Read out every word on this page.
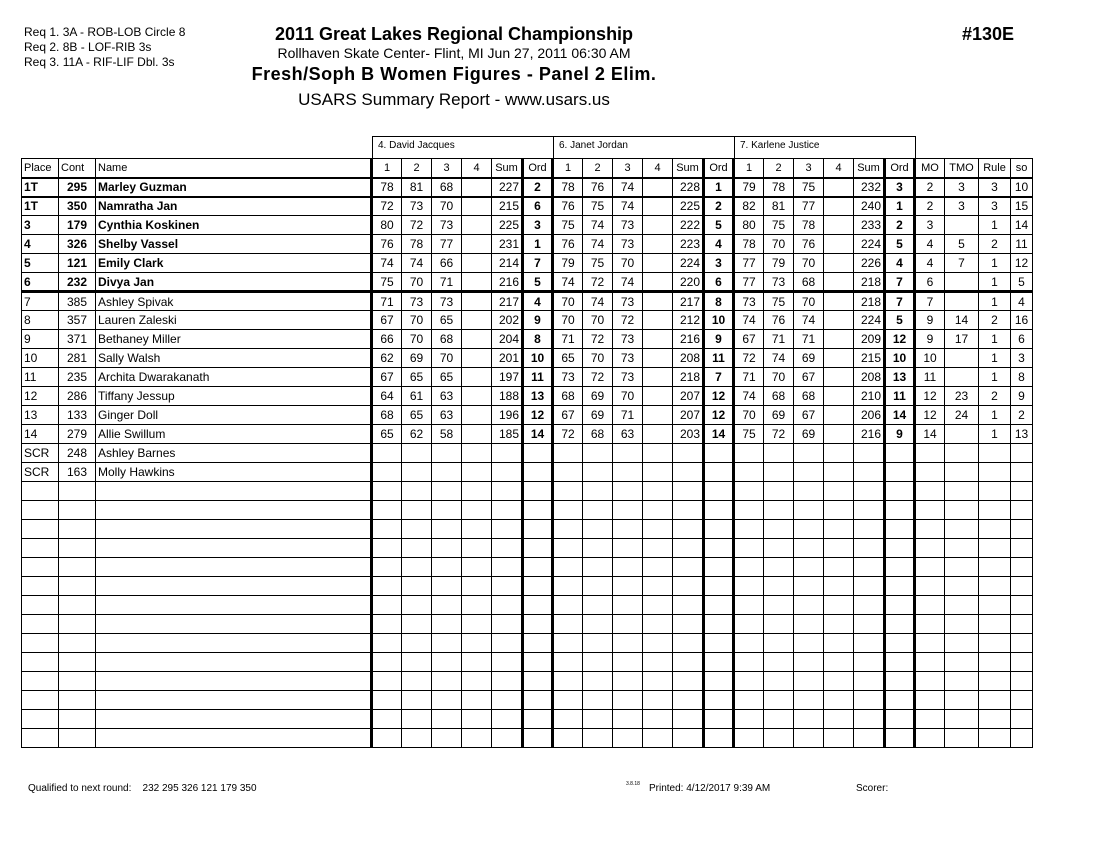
Req 1. 3A - ROB-LOB Circle 8
Req 2. 8B - LOF-RIB 3s
Req 3. 11A - RIF-LIF Dbl. 3s
2011 Great Lakes Regional Championship
Rollhaven Skate Center- Flint, MI Jun 27, 2011 06:30 AM
Fresh/Soph B Women Figures - Panel 2 Elim.
USARS Summary Report - www.usars.us
#130E
4. David Jacques	6. Janet Jordan	7. Karlene Justice
Place	Cont	Name	1	2	3	4	Sum	Ord	1	2	3	4	Sum	Ord	1	2	3	4	Sum	Ord	MO	TMO	Rule	so
1T	295	Marley Guzman	78	81	68		227	2	78	76	74		228	1	79	78	75		232	3	2	3	3	10
1T	350	Namratha Jan	72	73	70		215	6	76	75	74		225	2	82	81	77		240	1	2	3	3	15
3	179	Cynthia Koskinen	80	72	73		225	3	75	74	73		222	5	80	75	78		233	2	3		1	14
4	326	Shelby Vassel	76	78	77		231	1	76	74	73		223	4	78	70	76		224	5	4	5	2	11
5	121	Emily Clark	74	74	66		214	7	79	75	70		224	3	77	79	70		226	4	4	7	1	12
6	232	Divya Jan	75	70	71		216	5	74	72	74		220	6	77	73	68		218	7	6		1	5
7	385	Ashley Spivak	71	73	73		217	4	70	74	73		217	8	73	75	70		218	7	7		1	4
8	357	Lauren Zaleski	67	70	65		202	9	70	70	72		212	10	74	76	74		224	5	9	14	2	16
9	371	Bethaney Miller	66	70	68		204	8	71	72	73		216	9	67	71	71		209	12	9	17	1	6
10	281	Sally Walsh	62	69	70		201	10	65	70	73		208	11	72	74	69		215	10	10		1	3
11	235	Archita Dwarakanath	67	65	65		197	11	73	72	73		218	7	71	70	67		208	13	11		1	8
12	286	Tiffany Jessup	64	61	63		188	13	68	69	70		207	12	74	68	68		210	11	12	23	2	9
13	133	Ginger Doll	68	65	63		196	12	67	69	71		207	12	70	69	67		206	14	12	24	1	2
14	279	Allie Swillum	65	62	58		185	14	72	68	63		203	14	75	72	69		216	9	14		1	13
SCR	248	Ashley Barnes																						
SCR	163	Molly Hawkins																						

Qualified to next round: 232 295 326 121 179 350	3.8.18 Printed: 4/12/2017 9:39 AM	Scorer:
